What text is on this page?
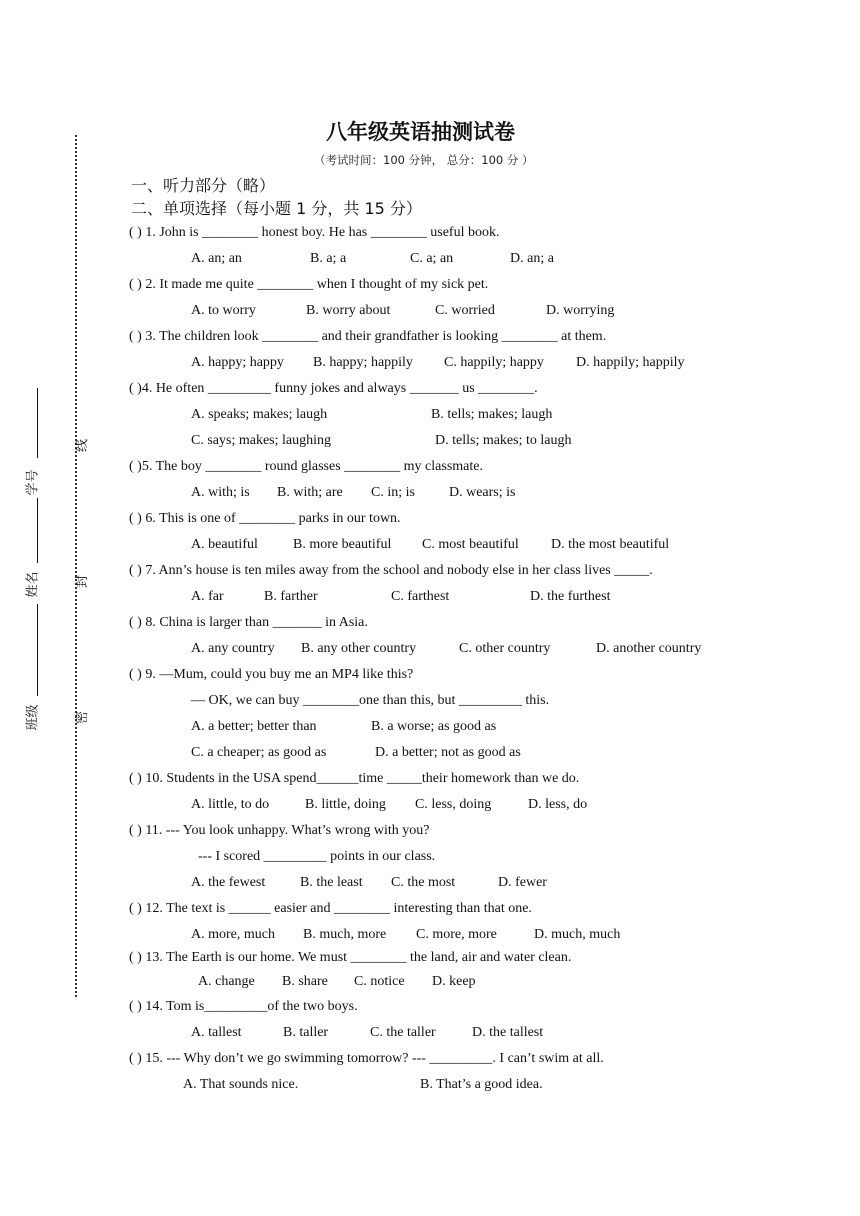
学号
姓名
班级
线
封
密
八年级英语抽测试卷
（考试时间：100 分钟， 总分：100 分 ）
一、听力部分（略）
二、单项选择（每小题 1 分，共 15 分）
( ) 1. John is ________ honest boy. He has ________ useful book.
A. an; an	B. a; a	C. a; an	D. an; a
( ) 2. It made me quite ________ when I thought of my sick pet.
A. to worry	B. worry about	C. worried	D. worrying
( ) 3. The children look ________ and their grandfather is looking ________ at them.
A. happy; happy B. happy; happily C. happily; happy D. happily; happily
( )4. He often _________ funny jokes and always _______ us ________.
A. speaks; makes; laugh	B. tells; makes; laugh
C. says; makes; laughing	D. tells; makes; to laugh
( )5. The boy ________ round glasses ________ my classmate.
A. with; is B. with; are C. in; is D. wears; is
( ) 6. This is one of ________ parks in our town.
A. beautiful	B. more beautiful C. most beautiful D. the most beautiful
( ) 7. Ann’s house is ten miles away from the school and nobody else in her class lives _____.
A. far	B. farther	C. farthest	D. the furthest
( ) 8. China is larger than _______ in Asia.
A. any country B. any other country	C. other country	D. another country
( ) 9. —Mum, could you buy me an MP4 like this?
— OK, we can buy ________one than this, but _________ this.
A. a better; better than	B. a worse; as good as
C. a cheaper; as good as	D. a better; not as good as
( ) 10. Students in the USA spend______time _____their homework than we do.
A. little, to do	B. little, doing C. less, doing	D. less, do
( ) 11. --- You look unhappy. What’s wrong with you?
--- I scored _________ points in our class.
A. the fewest B. the least C. the most	D. fewer
( ) 12. The text is ______ easier and ________ interesting than that one.
A. more, much B. much, more C. more, more	D. much, much
( ) 13. The Earth is our home. We must ________ the land, air and water clean.
A. change B. share C. notice D. keep
( ) 14. Tom is_________of the two boys.
A. tallest	B. taller	C. the taller	D. the tallest
( ) 15. --- Why don’t we go swimming tomorrow? --- _________. I can’t swim at all.
A. That sounds nice.	B. That’s a good idea.
